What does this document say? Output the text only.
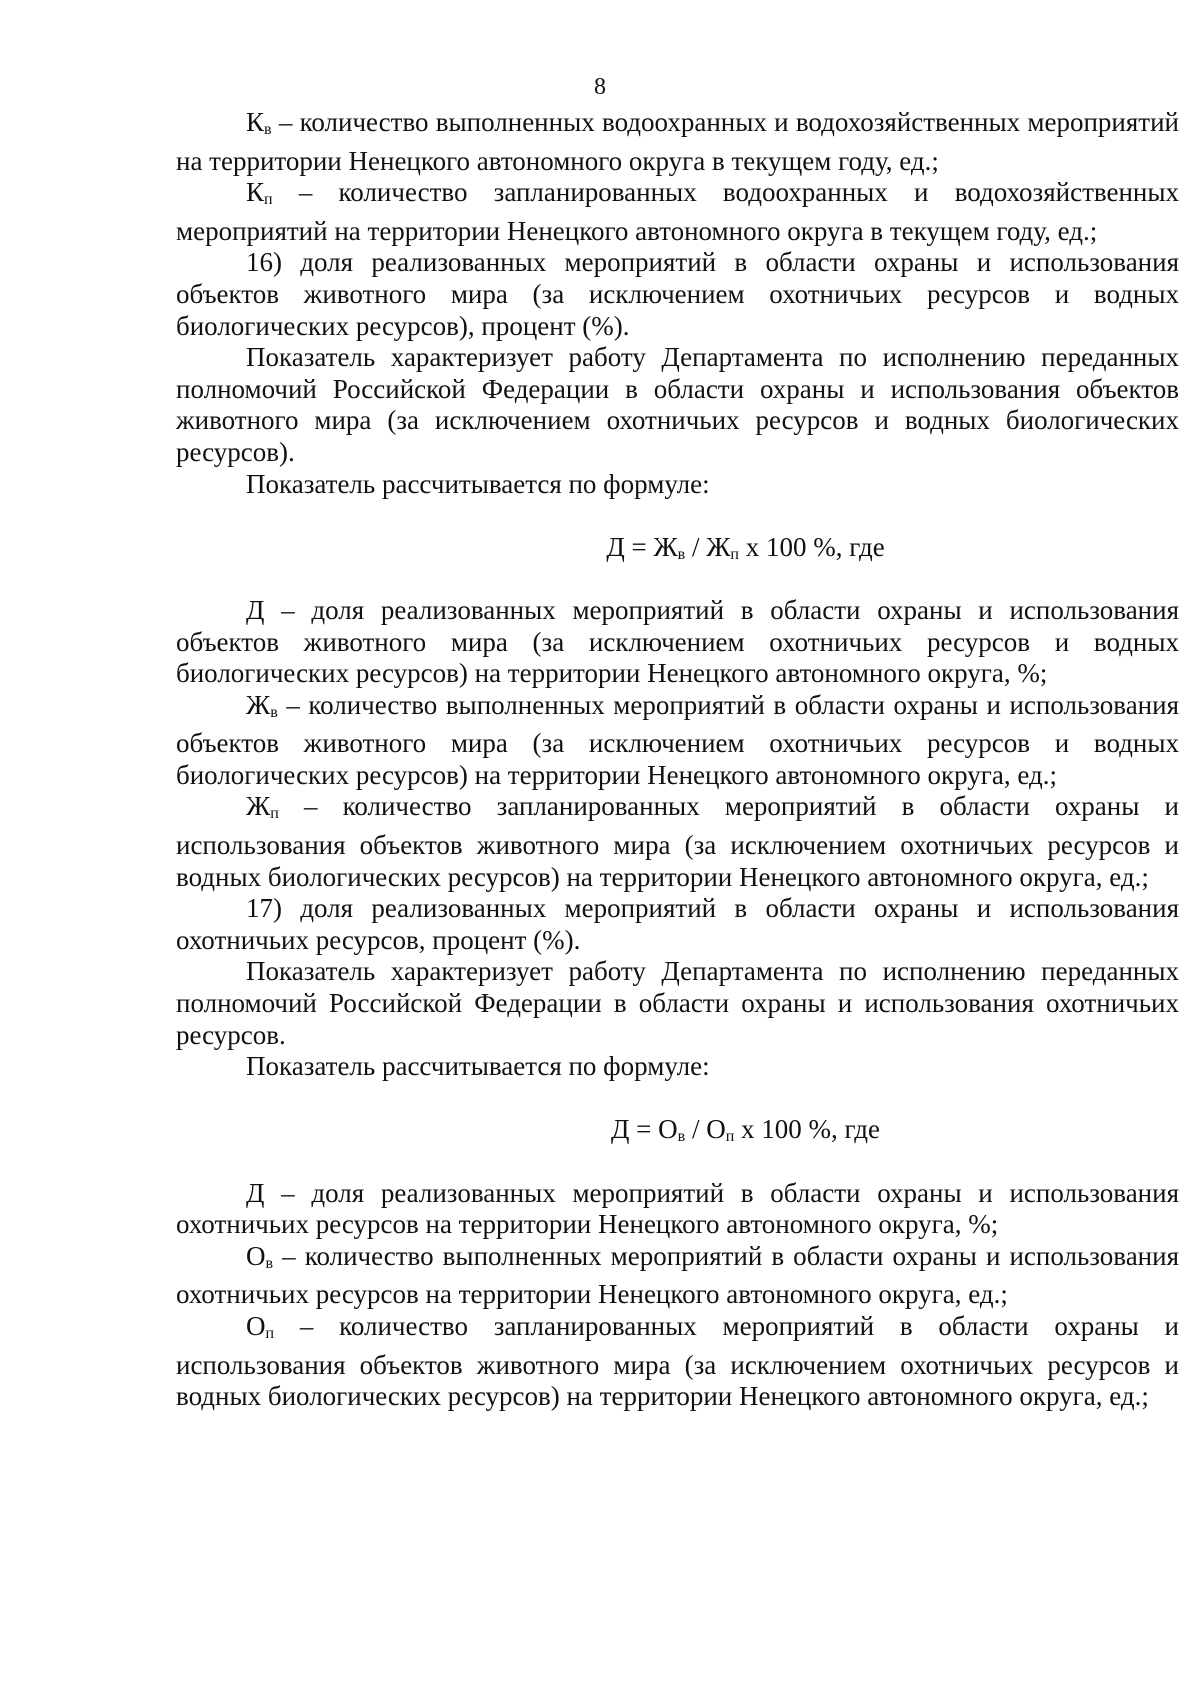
8

Кв – количество выполненных водоохранных и водохозяйственных мероприятий на территории Ненецкого автономного округа в текущем году, ед.;

Кп – количество запланированных водоохранных и водохозяйственных мероприятий на территории Ненецкого автономного округа в текущем году, ед.;

16) доля реализованных мероприятий в области охраны и использования объектов животного мира (за исключением охотничьих ресурсов и водных биологических ресурсов), процент (%).

Показатель характеризует работу Департамента по исполнению переданных полномочий Российской Федерации в области охраны и использования объектов животного мира (за исключением охотничьих ресурсов и водных биологических ресурсов).

Показатель рассчитывается по формуле:

Д = Жв / Жп х 100 %, где

Д – доля реализованных мероприятий в области охраны и использования объектов животного мира (за исключением охотничьих ресурсов и водных биологических ресурсов) на территории Ненецкого автономного округа, %;

Жв – количество выполненных мероприятий в области охраны и использования объектов животного мира (за исключением охотничьих ресурсов и водных биологических ресурсов) на территории Ненецкого автономного округа, ед.;

Жп – количество запланированных мероприятий в области охраны и использования объектов животного мира (за исключением охотничьих ресурсов и водных биологических ресурсов) на территории Ненецкого автономного округа, ед.;

17) доля реализованных мероприятий в области охраны и использования охотничьих ресурсов, процент (%).

Показатель характеризует работу Департамента по исполнению переданных полномочий Российской Федерации в области охраны и использования охотничьих ресурсов.

Показатель рассчитывается по формуле:

Д = Ов / Оп х 100 %, где

Д – доля реализованных мероприятий в области охраны и использования охотничьих ресурсов на территории Ненецкого автономного округа, %;

Ов – количество выполненных мероприятий в области охраны и использования охотничьих ресурсов на территории Ненецкого автономного округа, ед.;

Оп – количество запланированных мероприятий в области охраны и использования объектов животного мира (за исключением охотничьих ресурсов и водных биологических ресурсов) на территории Ненецкого автономного округа, ед.;
